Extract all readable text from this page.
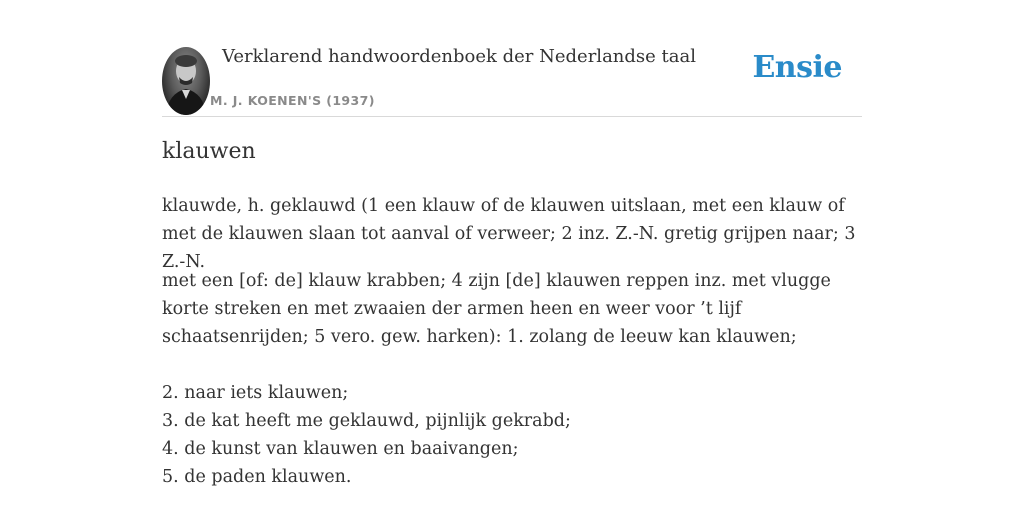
Verklarend handwoordenboek der Nederlandse taal
M. J. KOENEN'S (1937)
Ensie
klauwen

klauwde, h. geklauwd (1 een klauw of de klauwen uitslaan, met een klauw of met de klauwen slaan tot aanval of verweer; 2 inz. Z.-N. gretig grijpen naar; 3 Z.-N.

met een [of: de] klauw krabben; 4 zijn [de] klauwen reppen inz. met vlugge korte streken en met zwaaien der armen heen en weer voor ’t lijf schaatsenrijden; 5 vero. gew. harken): 1. zolang de leeuw kan klauwen;

2. naar iets klauwen;
3. de kat heeft me geklauwd, pijnlijk gekrabd;
4. de kunst van klauwen en baaivangen;
5. de paden klauwen.
